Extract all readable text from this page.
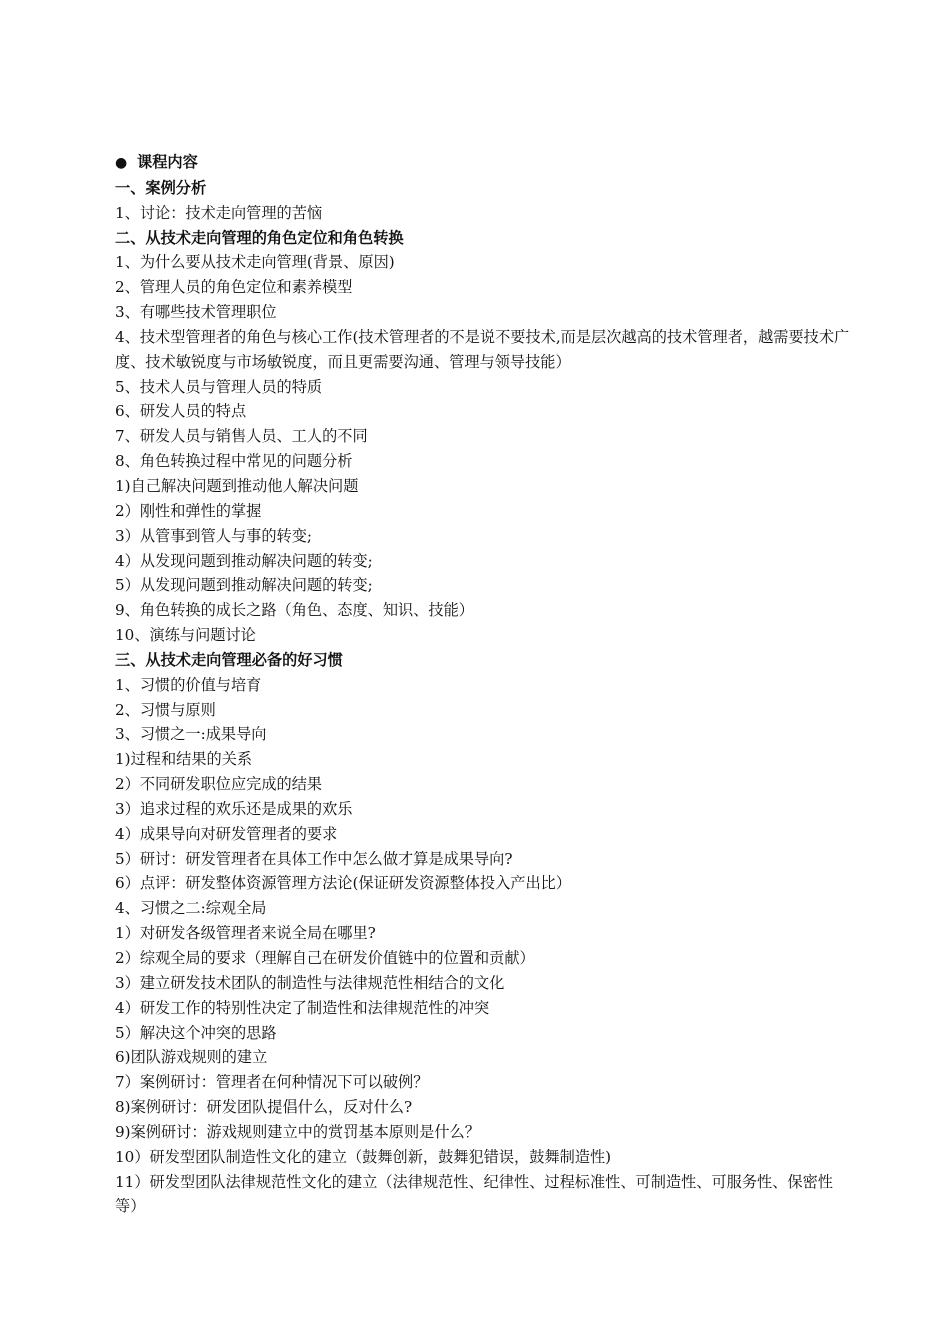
● 课程内容
一、案例分析
1、讨论：技术走向管理的苦恼
二、从技术走向管理的角色定位和角色转换
1、为什么要从技术走向管理(背景、原因)
2、管理人员的角色定位和素养模型
3、有哪些技术管理职位
4、技术型管理者的角色与核心工作(技术管理者的不是说不要技术,而是层次越高的技术管理者，越需要技术广度、技术敏锐度与市场敏锐度，而且更需要沟通、管理与领导技能）
5、技术人员与管理人员的特质
6、研发人员的特点
7、研发人员与销售人员、工人的不同
8、角色转换过程中常见的问题分析
1)自己解决问题到推动他人解决问题
2）刚性和弹性的掌握
3）从管事到管人与事的转变;
4）从发现问题到推动解决问题的转变;
5）从发现问题到推动解决问题的转变;
9、角色转换的成长之路（角色、态度、知识、技能）
10、演练与问题讨论
三、从技术走向管理必备的好习惯
1、习惯的价值与培育
2、习惯与原则
3、习惯之一:成果导向
1)过程和结果的关系
2）不同研发职位应完成的结果
3）追求过程的欢乐还是成果的欢乐
4）成果导向对研发管理者的要求
5）研讨：研发管理者在具体工作中怎么做才算是成果导向?
6）点评：研发整体资源管理方法论(保证研发资源整体投入产出比）
4、习惯之二:综观全局
1）对研发各级管理者来说全局在哪里?
2）综观全局的要求（理解自己在研发价值链中的位置和贡献）
3）建立研发技术团队的制造性与法律规范性相结合的文化
4）研发工作的特别性决定了制造性和法律规范性的冲突
5）解决这个冲突的思路
6)团队游戏规则的建立
7）案例研讨：管理者在何种情况下可以破例？
8)案例研讨：研发团队提倡什么，反对什么?
9)案例研讨：游戏规则建立中的赏罚基本原则是什么？
10）研发型团队制造性文化的建立（鼓舞创新，鼓舞犯错误，鼓舞制造性)
11）研发型团队法律规范性文化的建立（法律规范性、纪律性、过程标准性、可制造性、可服务性、保密性等）
